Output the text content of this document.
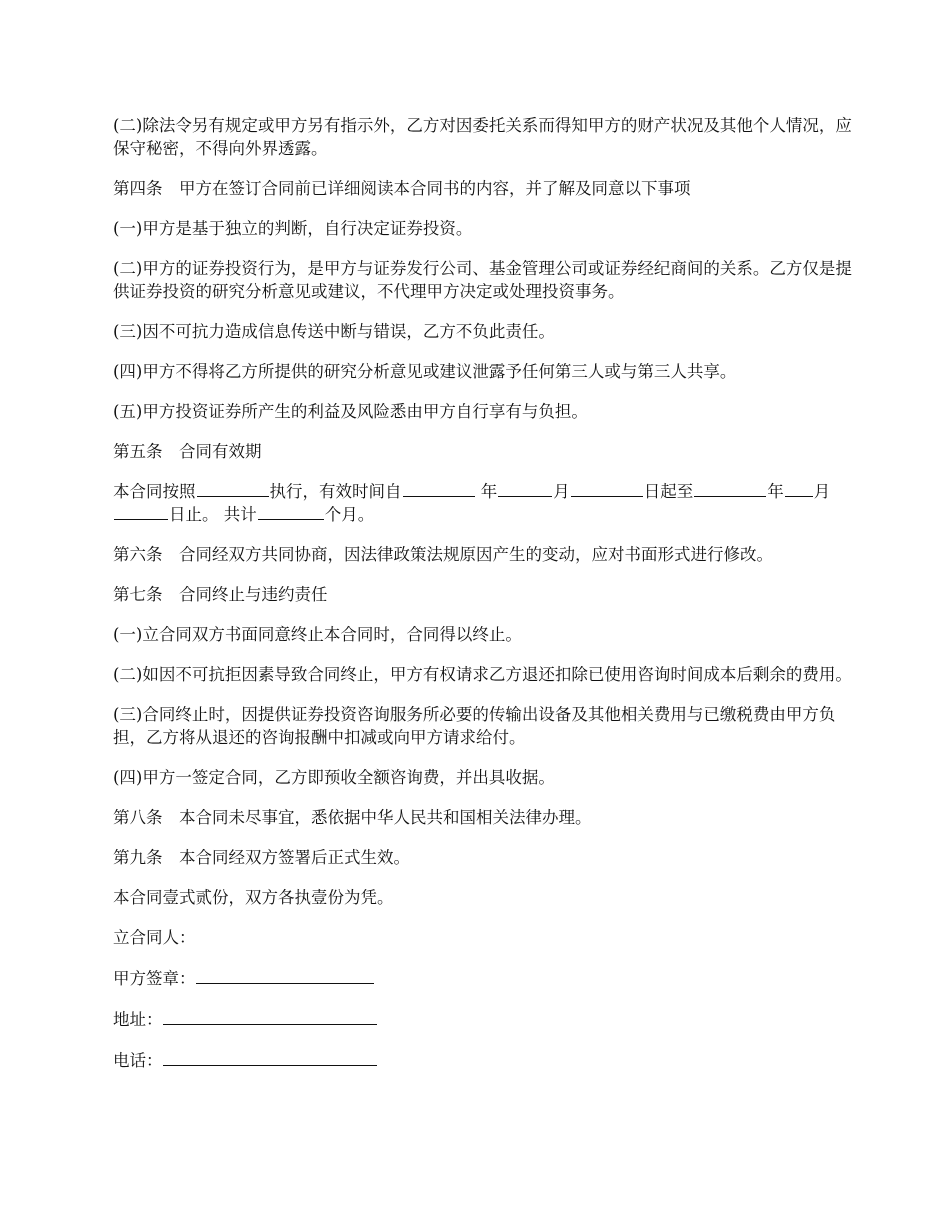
(二)除法令另有规定或甲方另有指示外，乙方对因委托关系而得知甲方的财产状况及其他个人情况，应保守秘密，不得向外界透露。

第四条　甲方在签订合同前已详细阅读本合同书的内容，并了解及同意以下事项

(一)甲方是基于独立的判断，自行决定证券投资。

(二)甲方的证券投资行为，是甲方与证券发行公司、基金管理公司或证券经纪商间的关系。乙方仅是提供证券投资的研究分析意见或建议，不代理甲方决定或处理投资事务。

(三)因不可抗力造成信息传送中断与错误，乙方不负此责任。

(四)甲方不得将乙方所提供的研究分析意见或建议泄露予任何第三人或与第三人共享。

(五)甲方投资证券所产生的利益及风险悉由甲方自行享有与负担。

第五条　合同有效期

本合同按照	执行，有效时间自	年	月	日起至	年 月日止。 共计	个月。

第六条　合同经双方共同协商，因法律政策法规原因产生的变动，应对书面形式进行修改。

第七条　合同终止与违约责任

(一)立合同双方书面同意终止本合同时，合同得以终止。

(二)如因不可抗拒因素导致合同终止，甲方有权请求乙方退还扣除已使用咨询时间成本后剩余的费用。

(三)合同终止时，因提供证券投资咨询服务所必要的传输出设备及其他相关费用与已缴税费由甲方负担，乙方将从退还的咨询报酬中扣减或向甲方请求给付。

(四)甲方一签定合同，乙方即预收全额咨询费，并出具收据。

第八条　本合同未尽事宜，悉依据中华人民共和国相关法律办理。

第九条　本合同经双方签署后正式生效。

本合同壹式贰份，双方各执壹份为凭。

立合同人：

甲方签章：

地址：

电话：
